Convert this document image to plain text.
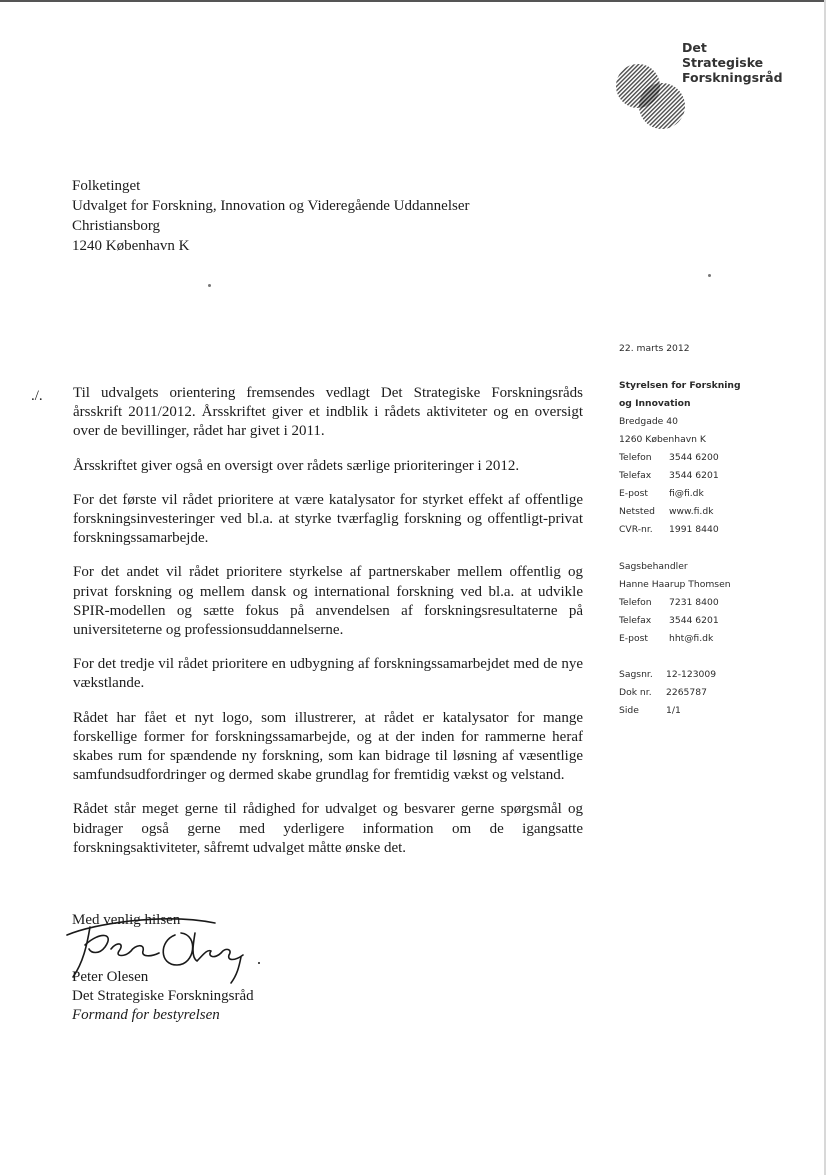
Det
Strategiske
Forskningsråd
Folketinget
Udvalget for Forskning, Innovation og Videregående Uddannelser
Christiansborg
1240 København K
22. marts 2012
Styrelsen for Forskning
og Innovation
Bredgade 40
1260 København K
Telefon	3544 6200
Telefax	3544 6201
E-post	fi@fi.dk
Netsted	www.fi.dk
CVR-nr.	1991 8440
Sagsbehandler
Hanne Haarup Thomsen
Telefon	7231 8400
Telefax	3544 6201
E-post	hht@fi.dk
Sagsnr.	12-123009
Dok nr.	2265787
Side	1/1
./. Til udvalgets orientering fremsendes vedlagt Det Strategiske Forskningsråds årsskrift 2011/2012. Årsskriftet giver et indblik i rådets aktiviteter og en oversigt over de bevillinger, rådet har givet i 2011.

Årsskriftet giver også en oversigt over rådets særlige prioriteringer i 2012.

For det første vil rådet prioritere at være katalysator for styrket effekt af offentlige forskningsinvesteringer ved bl.a. at styrke tværfaglig forskning og offentligt-privat forskningssamarbejde.

For det andet vil rådet prioritere styrkelse af partnerskaber mellem offentlig og privat forskning og mellem dansk og international forskning ved bl.a. at udvikle SPIR-modellen og sætte fokus på anvendelsen af forskningsresultaterne på universiteterne og professionsuddannelserne.

For det tredje vil rådet prioritere en udbygning af forskningssamarbejdet med de nye vækstlande.

Rådet har fået et nyt logo, som illustrerer, at rådet er katalysator for mange forskellige former for forskningssamarbejde, og at der inden for rammerne heraf skabes rum for spændende ny forskning, som kan bidrage til løsning af væsentlige samfundsudfordringer og dermed skabe grundlag for fremtidig vækst og velstand.

Rådet står meget gerne til rådighed for udvalget og besvarer gerne spørgsmål og bidrager også gerne med yderligere information om de igangsatte forskningsaktiviteter, såfremt udvalget måtte ønske det.

Med venlig hilsen
Peter Olesen
Det Strategiske Forskningsråd
Formand for bestyrelsen
